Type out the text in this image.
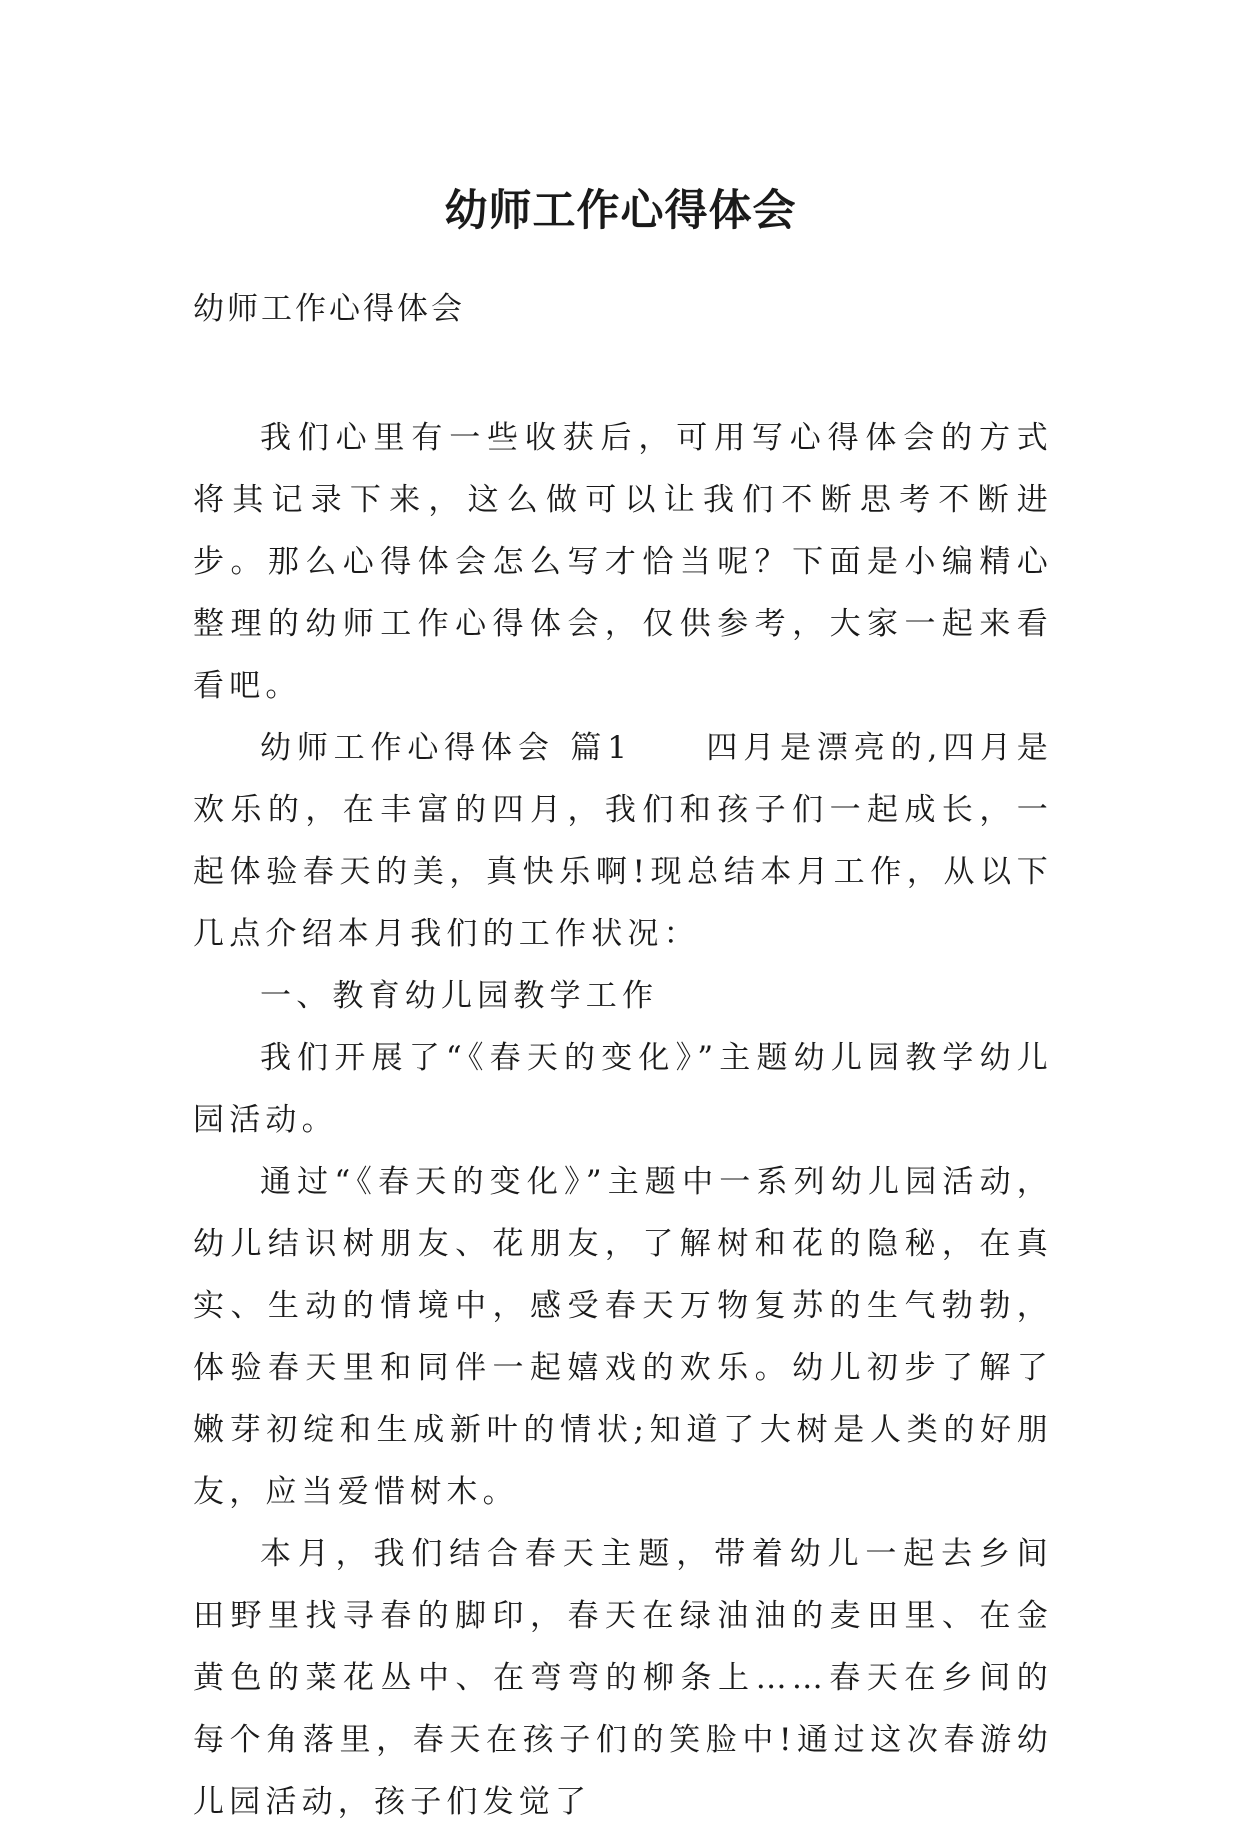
幼师工作心得体会
幼师工作心得体会

我们心里有一些收获后，可用写心得体会的方式将其记录下来，这么做可以让我们不断思考不断进步。那么心得体会怎么写才恰当呢？下面是小编精心整理的幼师工作心得体会，仅供参考，大家一起来看看吧。

幼师工作心得体会 篇1　　四月是漂亮的,四月是欢乐的，在丰富的四月，我们和孩子们一起成长，一起体验春天的美，真快乐啊!现总结本月工作，从以下几点介绍本月我们的工作状况：

一、教育幼儿园教学工作

我们开展了“《春天的变化》”主题幼儿园教学幼儿园活动。

通过“《春天的变化》”主题中一系列幼儿园活动，幼儿结识树朋友、花朋友，了解树和花的隐秘，在真实、生动的情境中，感受春天万物复苏的生气勃勃，体验春天里和同伴一起嬉戏的欢乐。幼儿初步了解了嫩芽初绽和生成新叶的情状;知道了大树是人类的好朋友，应当爱惜树木。

本月，我们结合春天主题，带着幼儿一起去乡间田野里找寻春的脚印，春天在绿油油的麦田里、在金黄色的菜花丛中、在弯弯的柳条上……春天在乡间的每个角落里，春天在孩子们的笑脸中!通过这次春游幼儿园活动，孩子们发觉了
